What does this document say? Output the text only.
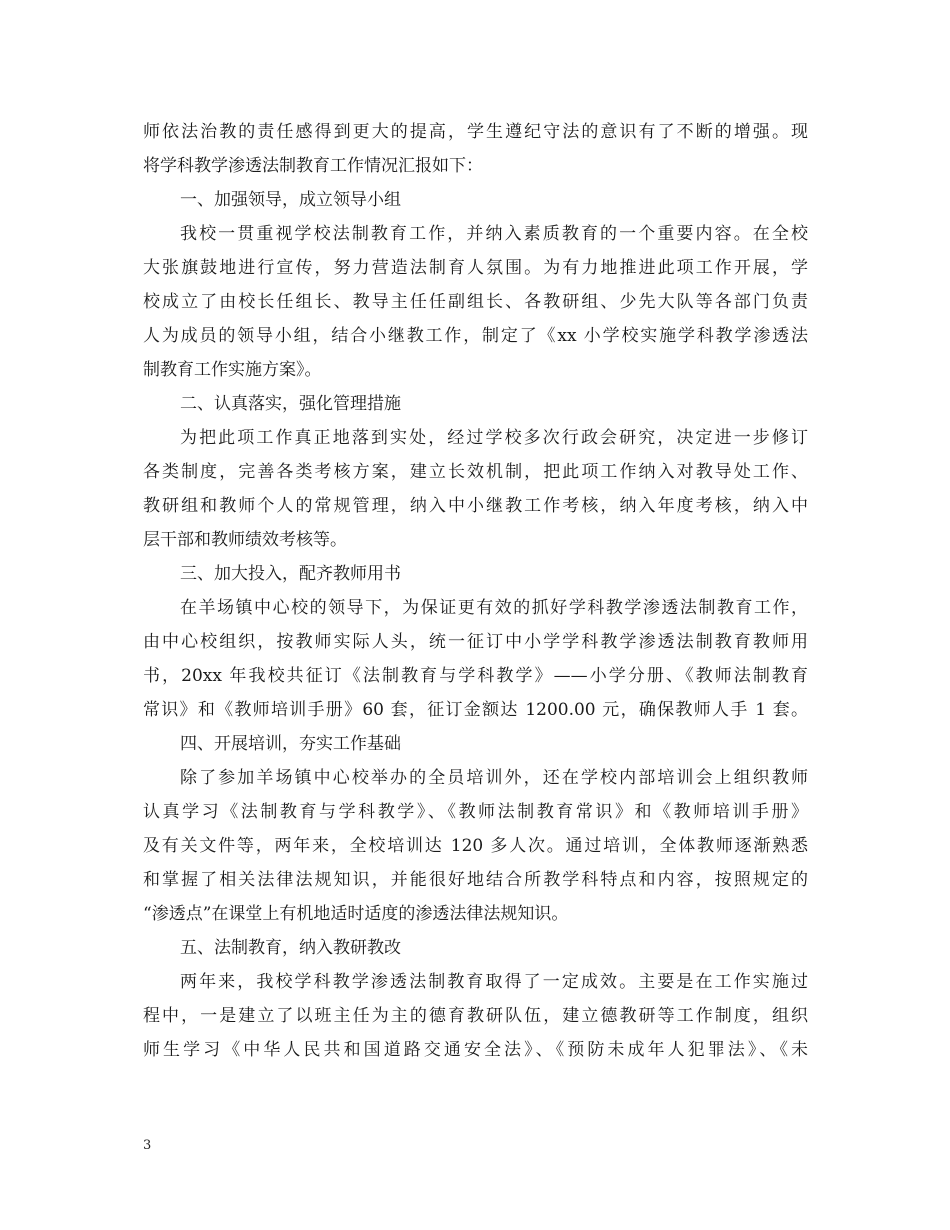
师依法治教的责任感得到更大的提高，学生遵纪守法的意识有了不断的增强。现
将学科教学渗透法制教育工作情况汇报如下：
一、加强领导，成立领导小组
我校一贯重视学校法制教育工作，并纳入素质教育的一个重要内容。在全校
大张旗鼓地进行宣传，努力营造法制育人氛围。为有力地推进此项工作开展，学
校成立了由校长任组长、教导主任任副组长、各教研组、少先大队等各部门负责
人为成员的领导小组，结合小继教工作，制定了《xx 小学校实施学科教学渗透法
制教育工作实施方案》。
二、认真落实，强化管理措施
为把此项工作真正地落到实处，经过学校多次行政会研究，决定进一步修订
各类制度，完善各类考核方案，建立长效机制，把此项工作纳入对教导处工作、
教研组和教师个人的常规管理，纳入中小继教工作考核，纳入年度考核，纳入中
层干部和教师绩效考核等。
三、加大投入，配齐教师用书
在羊场镇中心校的领导下，为保证更有效的抓好学科教学渗透法制教育工作，
由中心校组织，按教师实际人头，统一征订中小学学科教学渗透法制教育教师用
书，20xx 年我校共征订《法制教育与学科教学》——小学分册、《教师法制教育
常识》和《教师培训手册》60 套，征订金额达 1200.00 元，确保教师人手 1 套。
四、开展培训，夯实工作基础
除了参加羊场镇中心校举办的全员培训外，还在学校内部培训会上组织教师
认真学习《法制教育与学科教学》、《教师法制教育常识》和《教师培训手册》
及有关文件等，两年来，全校培训达 120 多人次。通过培训，全体教师逐渐熟悉
和掌握了相关法律法规知识，并能很好地结合所教学科特点和内容，按照规定的
“渗透点”在课堂上有机地适时适度的渗透法律法规知识。
五、法制教育，纳入教研教改
两年来，我校学科教学渗透法制教育取得了一定成效。主要是在工作实施过
程中，一是建立了以班主任为主的德育教研队伍，建立德教研等工作制度，组织
师生学习《中华人民共和国道路交通安全法》、《预防未成年人犯罪法》、《未
3
